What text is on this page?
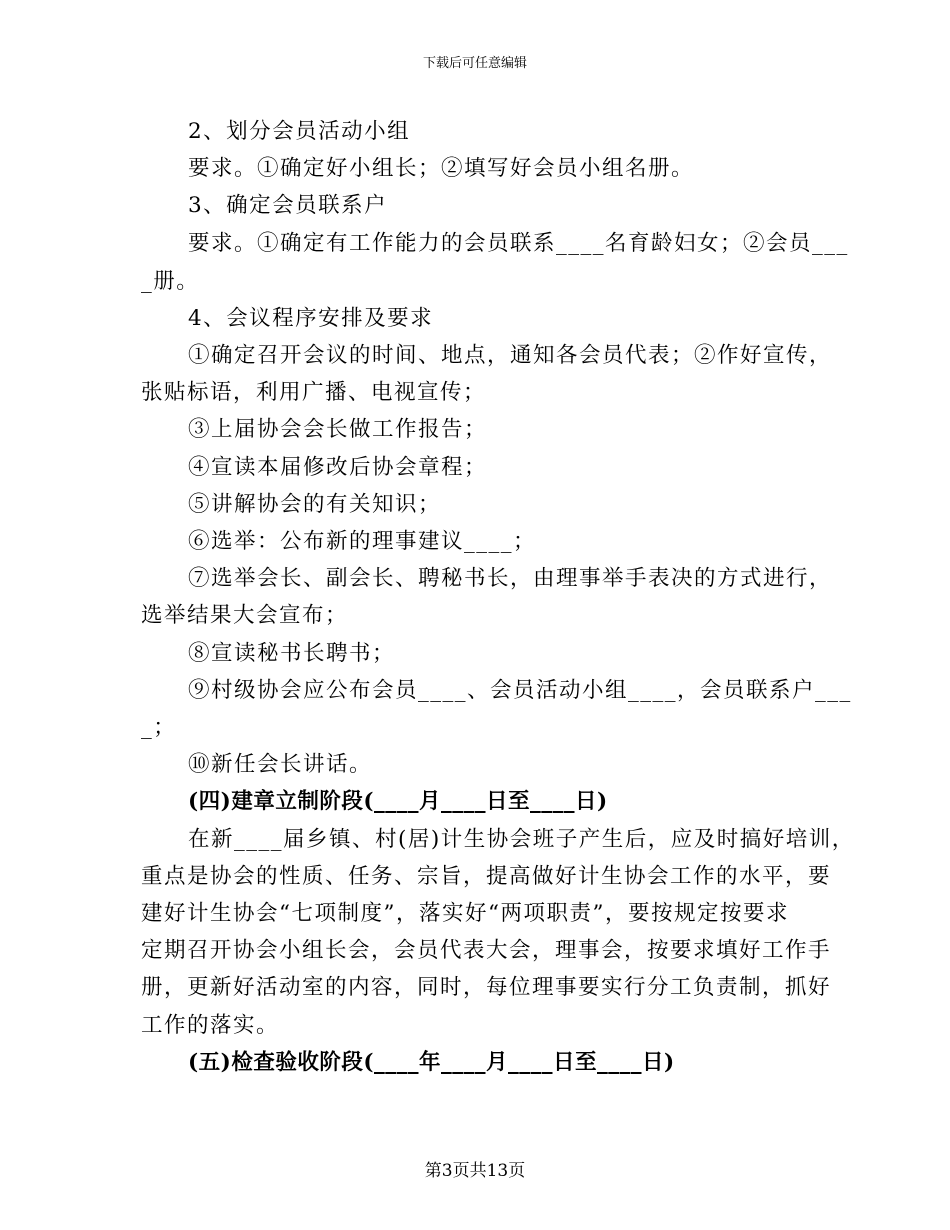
下载后可任意编辑
2、划分会员活动小组
要求。①确定好小组长；②填写好会员小组名册。
3、确定会员联系户
要求。①确定有工作能力的会员联系____名育龄妇女；②会员___
_册。
4、会议程序安排及要求
①确定召开会议的时间、地点，通知各会员代表；②作好宣传，
张贴标语，利用广播、电视宣传；
③上届协会会长做工作报告；
④宣读本届修改后协会章程；
⑤讲解协会的有关知识；
⑥选举：公布新的理事建议____；
⑦选举会长、副会长、聘秘书长，由理事举手表决的方式进行，
选举结果大会宣布；
⑧宣读秘书长聘书；
⑨村级协会应公布会员____、会员活动小组____，会员联系户___
_；
⑩新任会长讲话。
(四)建章立制阶段(____月____日至____日)
在新____届乡镇、村(居)计生协会班子产生后，应及时搞好培训，
重点是协会的性质、任务、宗旨，提高做好计生协会工作的水平，要
建好计生协会“七项制度”，落实好“两项职责”，要按规定按要求
定期召开协会小组长会，会员代表大会，理事会，按要求填好工作手
册，更新好活动室的内容，同时，每位理事要实行分工负责制，抓好
工作的落实。
(五)检查验收阶段(____年____月____日至____日)
第3页共13页
